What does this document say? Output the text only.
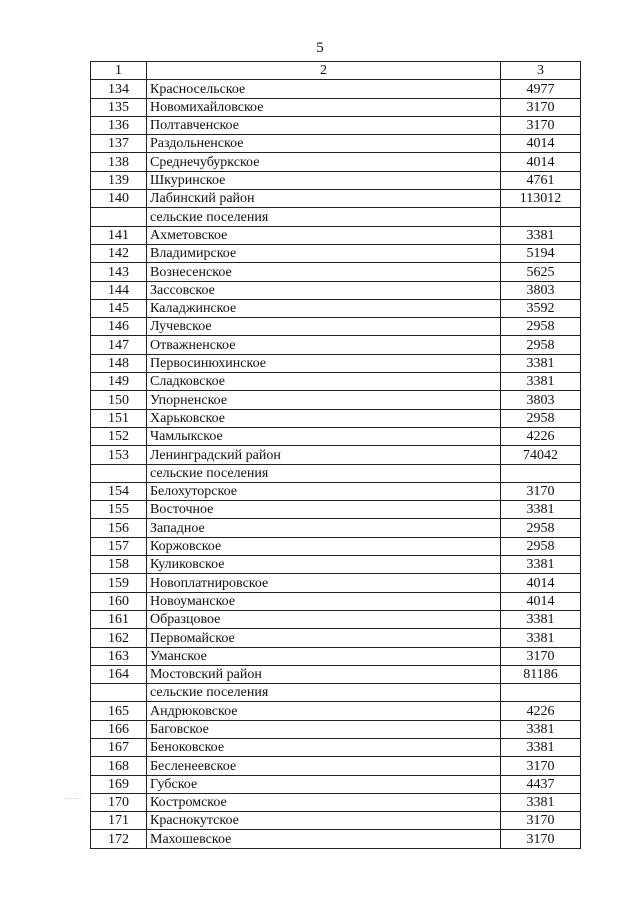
5
1	2	3
134	Красносельское	4977
135	Новомихайловское	3170
136	Полтавченское	3170
137	Раздольненское	4014
138	Среднечубуркское	4014
139	Шкуринское	4761
140	Лабинский район	113012
	сельские поселения	
141	Ахметовское	3381
142	Владимирское	5194
143	Вознесенское	5625
144	Зассовское	3803
145	Каладжинское	3592
146	Лучевское	2958
147	Отважненское	2958
148	Первосинюхинское	3381
149	Сладковское	3381
150	Упорненское	3803
151	Харьковское	2958
152	Чамлыкское	4226
153	Ленинградский район	74042
	сельские поселения	
154	Белохуторское	3170
155	Восточное	3381
156	Западное	2958
157	Коржовское	2958
158	Куликовское	3381
159	Новоплатнировское	4014
160	Новоуманское	4014
161	Образцовое	3381
162	Первомайское	3381
163	Уманское	3170
164	Мостовский район	81186
	сельские поселения	
165	Андрюковское	4226
166	Баговское	3381
167	Беноковское	3381
168	Бесленеевское	3170
169	Губское	4437
170	Костромское	3381
171	Краснокутское	3170
172	Махошевское	3170
